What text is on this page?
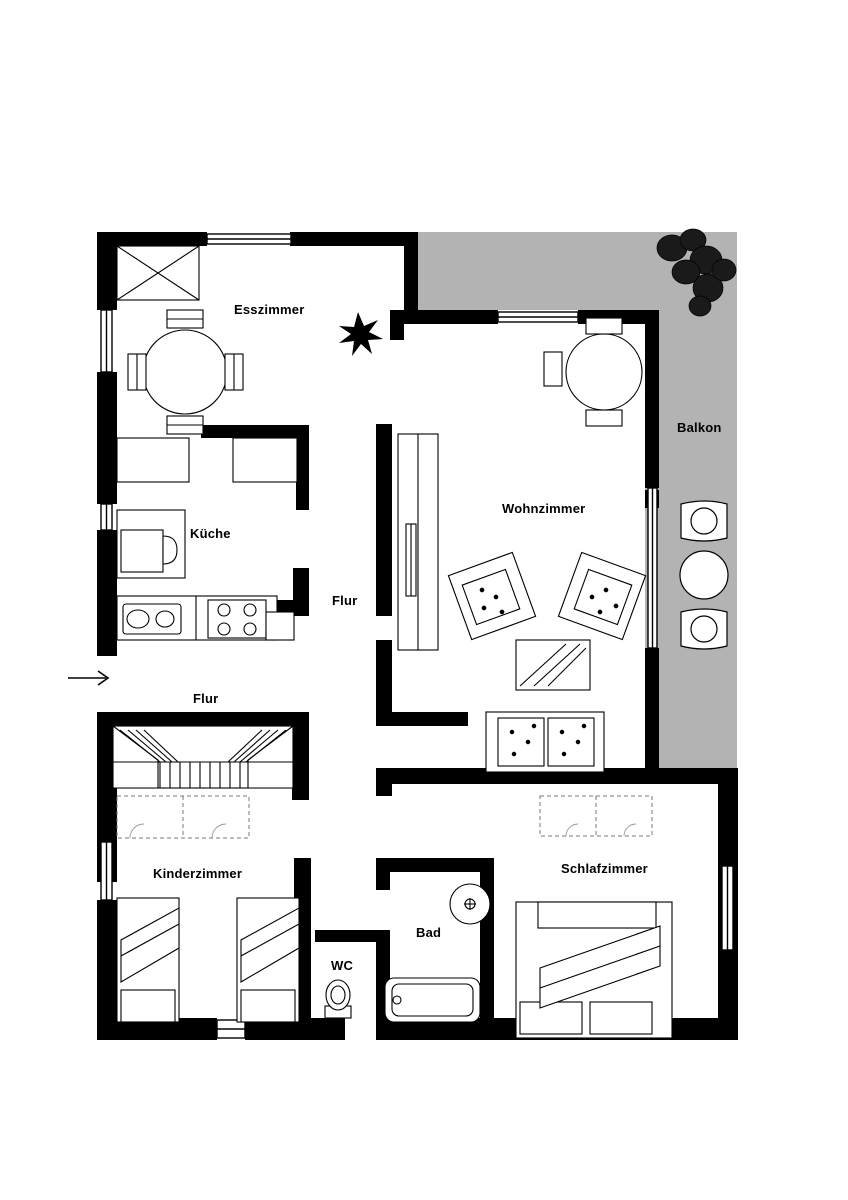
Esszimmer
Küche
Flur
Flur
Wohnzimmer
Balkon
Kinderzimmer
WC
Bad
Schlafzimmer
